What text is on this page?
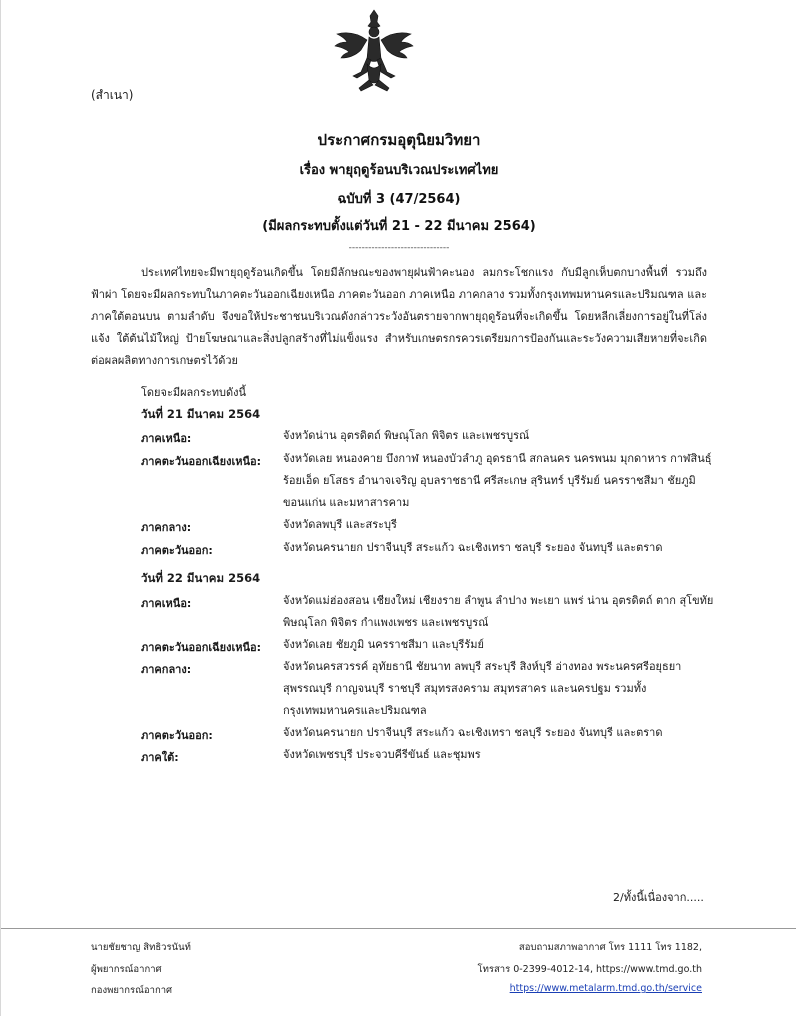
(สำเนา)
ประกาศกรมอุตุนิยมวิทยา
เรื่อง พายุฤดูร้อนบริเวณประเทศไทย
ฉบับที่ 3 (47/2564)
(มีผลกระทบตั้งแต่วันที่ 21 - 22 มีนาคม 2564)
-------------------------------

ประเทศไทยจะมีพายุฤดูร้อนเกิดขึ้น โดยมีลักษณะของพายุฝนฟ้าคะนอง ลมกระโชกแรง กับมีลูกเห็บตกบางพื้นที่ รวมถึงฟ้าผ่า โดยจะมีผลกระทบในภาคตะวันออกเฉียงเหนือ ภาคตะวันออก ภาคเหนือ ภาคกลาง รวมทั้งกรุงเทพมหานครและปริมณฑล และภาคใต้ตอนบน ตามลำดับ จึงขอให้ประชาชนบริเวณดังกล่าวระวังอันตรายจากพายุฤดูร้อนที่จะเกิดขึ้น โดยหลีกเลี่ยงการอยู่ในที่โล่งแจ้ง ใต้ต้นไม้ใหญ่ ป้ายโฆษณาและสิ่งปลูกสร้างที่ไม่แข็งแรง สำหรับเกษตรกรควรเตรียมการป้องกันและระวังความเสียหายที่จะเกิดต่อผลผลิตทางการเกษตรไว้ด้วย

โดยจะมีผลกระทบดังนี้
วันที่ 21 มีนาคม 2564
ภาคเหนือ:	จังหวัดน่าน อุตรดิตถ์ พิษณุโลก พิจิตร และเพชรบูรณ์

ภาคตะวันออกเฉียงเหนือ: จังหวัดเลย หนองคาย บึงกาฬ หนองบัวลำภู อุดรธานี สกลนคร นครพนม มุกดาหาร กาฬสินธุ์ ร้อยเอ็ด ยโสธร อำนาจเจริญ อุบลราชธานี ศรีสะเกษ สุรินทร์ บุรีรัมย์ นครราชสีมา ชัยภูมิ ขอนแก่น และมหาสารคาม

ภาคกลาง:	จังหวัดลพบุรี และสระบุรี

ภาคตะวันออก:	จังหวัดนครนายก ปราจีนบุรี สระแก้ว ฉะเชิงเทรา ชลบุรี ระยอง จันทบุรี และตราด

วันที่ 22 มีนาคม 2564
ภาคเหนือ:	จังหวัดแม่ฮ่องสอน เชียงใหม่ เชียงราย ลำพูน ลำปาง พะเยา แพร่ น่าน อุตรดิตถ์ ตาก สุโขทัย พิษณุโลก พิจิตร กำแพงเพชร และเพชรบูรณ์

ภาคตะวันออกเฉียงเหนือ: จังหวัดเลย ชัยภูมิ นครราชสีมา และบุรีรัมย์

ภาคกลาง:	จังหวัดนครสวรรค์ อุทัยธานี ชัยนาท ลพบุรี สระบุรี สิงห์บุรี อ่างทอง พระนครศรีอยุธยา สุพรรณบุรี กาญจนบุรี ราชบุรี สมุทรสงคราม สมุทรสาคร และนครปฐม รวมทั้งกรุงเทพมหานครและปริมณฑล

ภาคตะวันออก:	จังหวัดนครนายก ปราจีนบุรี สระแก้ว ฉะเชิงเทรา ชลบุรี ระยอง จันทบุรี และตราด

ภาคใต้:	จังหวัดเพชรบุรี ประจวบคีรีขันธ์ และชุมพร

2/ทั้งนี้เนื่องจาก.....
นายชัยชาญ สิทธิวรนันท์
ผู้พยากรณ์อากาศ
กองพยากรณ์อากาศ
สอบถามสภาพอากาศ โทร 1111 โทร 1182,
โทรสาร 0-2399-4012-14, https://www.tmd.go.th
https://www.metalarm.tmd.go.th/service
